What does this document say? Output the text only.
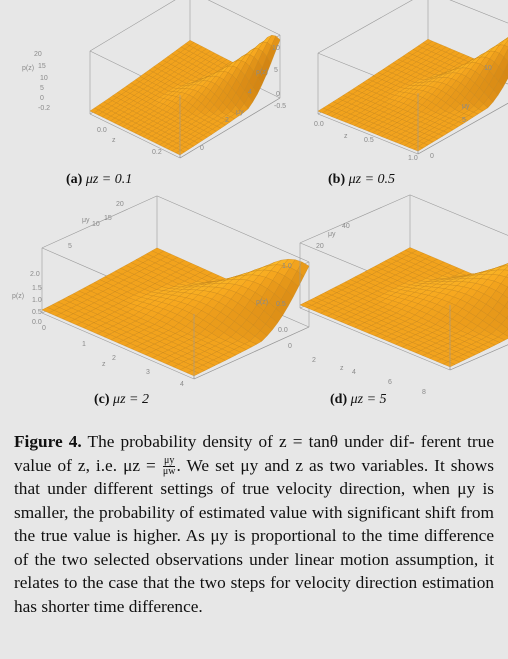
20
15
10
5
0
-0.2
p(z)
0.0
0.2
z
0
2
4
μy
(a) μz = 0.1
10
5
0
-0.5
p(z)
0.0
0.5
1.0
z
0
5
10
μy
(b) μz = 0.5
2.0
1.5
1.0
0.5
0.0
p(z)
0
1
2
3
4
z
5
10
15
20
μy
(c) μz = 2
1.0
0.5
0.0
p(z)
0
2
4
6
8
z
20
40
μy
(d) μz = 5
Figure 4. The probability density of z = tanθ under dif- ferent true value of z, i.e. $\mu z = \frac{\mu y}{\mu w}$ . We set μy and z as two variables. It shows that under different settings of true velocity direction, when μy is smaller, the probability of estimated value with significant shift from the true value is higher. As μy is proportional to the time difference of the two selected observations under linear motion assumption, it relates to the case that the two steps for velocity direction estimation has shorter time difference.
